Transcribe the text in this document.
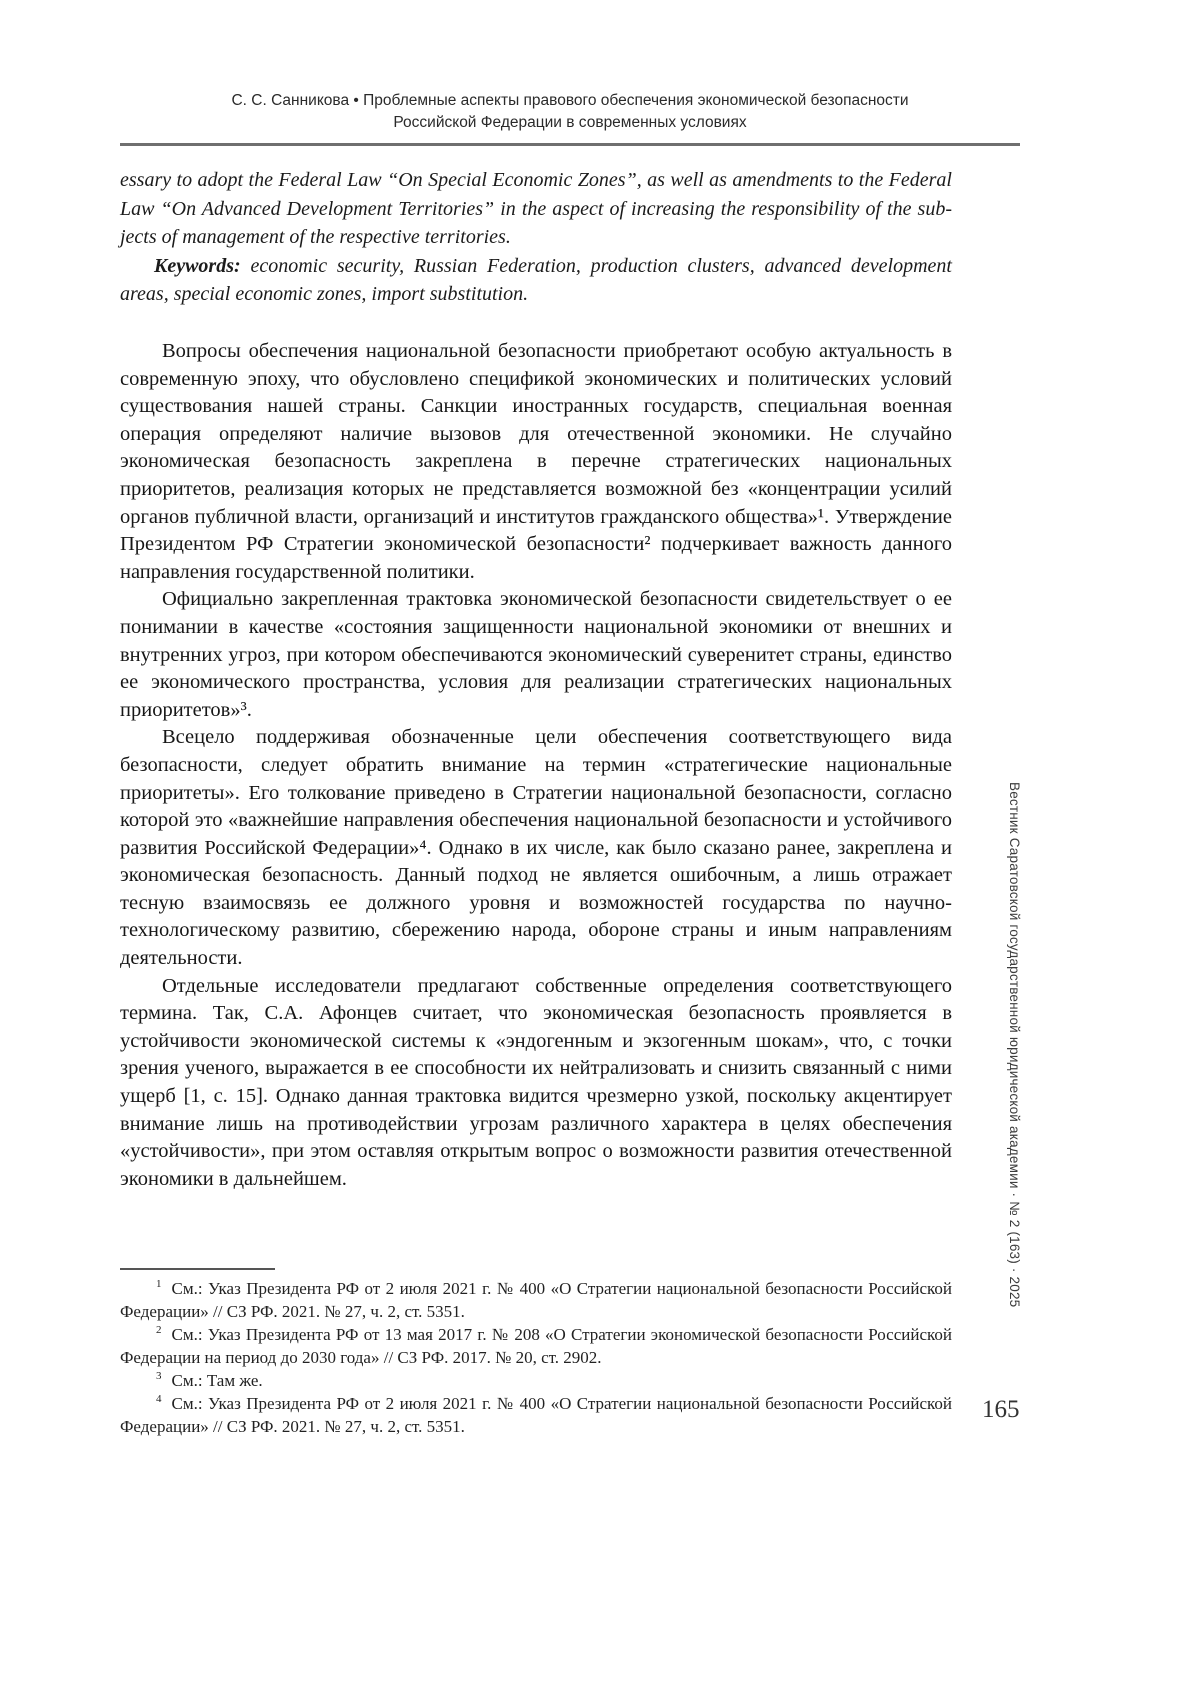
С. С. Санникова • Проблемные аспекты правового обеспечения экономической безопасности
Российской Федерации в современных условиях

essary to adopt the Federal Law “On Special Economic Zones”, as well as amendments to the Federal Law “On Advanced Development Territories” in the aspect of increasing the responsibility of the subjects of management of the respective territories.

Keywords: economic security, Russian Federation, production clusters, advanced development areas, special economic zones, import substitution.

Вопросы обеспечения национальной безопасности приобретают особую актуальность в современную эпоху, что обусловлено спецификой экономических и политических условий существования нашей страны. Санкции иностранных государств, специальная военная операция определяют наличие вызовов для отечественной экономики. Не случайно экономическая безопасность закреплена в перечне стратегических национальных приоритетов, реализация которых не представляется возможной без «концентрации усилий органов публичной власти, организаций и институтов гражданского общества»¹. Утверждение Президентом РФ Стратегии экономической безопасности² подчеркивает важность данного направления государственной политики.

Официально закрепленная трактовка экономической безопасности свидетельствует о ее понимании в качестве «состояния защищенности национальной экономики от внешних и внутренних угроз, при котором обеспечиваются экономический суверенитет страны, единство ее экономического пространства, условия для реализации стратегических национальных приоритетов»³.

Всецело поддерживая обозначенные цели обеспечения соответствующего вида безопасности, следует обратить внимание на термин «стратегические национальные приоритеты». Его толкование приведено в Стратегии национальной безопасности, согласно которой это «важнейшие направления обеспечения национальной безопасности и устойчивого развития Российской Федерации»⁴. Однако в их числе, как было сказано ранее, закреплена и экономическая безопасность. Данный подход не является ошибочным, а лишь отражает тесную взаимосвязь ее должного уровня и возможностей государства по научно-технологическому развитию, сбережению народа, обороне страны и иным направлениям деятельности.

Отдельные исследователи предлагают собственные определения соответствующего термина. Так, С.А. Афонцев считает, что экономическая безопасность проявляется в устойчивости экономической системы к «эндогенным и экзогенным шокам», что, с точки зрения ученого, выражается в ее способности их нейтрализовать и снизить связанный с ними ущерб [1, с. 15]. Однако данная трактовка видится чрезмерно узкой, поскольку акцентирует внимание лишь на противодействии угрозам различного характера в целях обеспечения «устойчивости», при этом оставляя открытым вопрос о возможности развития отечественной экономики в дальнейшем.

$^1$ См.: Указ Президента РФ от 2 июля 2021 г. № 400 «О Стратегии национальной безопасности Российской Федерации» // СЗ РФ. 2021. № 27, ч. 2, ст. 5351.

$^2$ См.: Указ Президента РФ от 13 мая 2017 г. № 208 «О Стратегии экономической безопасности Российской Федерации на период до 2030 года» // СЗ РФ. 2017. № 20, ст. 2902.

$^3$ См.: Там же.

$^4$ См.: Указ Президента РФ от 2 июля 2021 г. № 400 «О Стратегии национальной безопасности Российской Федерации» // СЗ РФ. 2021. № 27, ч. 2, ст. 5351.

Вестник Саратовской государственной юридической академии · № 2 (163) · 2025
165
